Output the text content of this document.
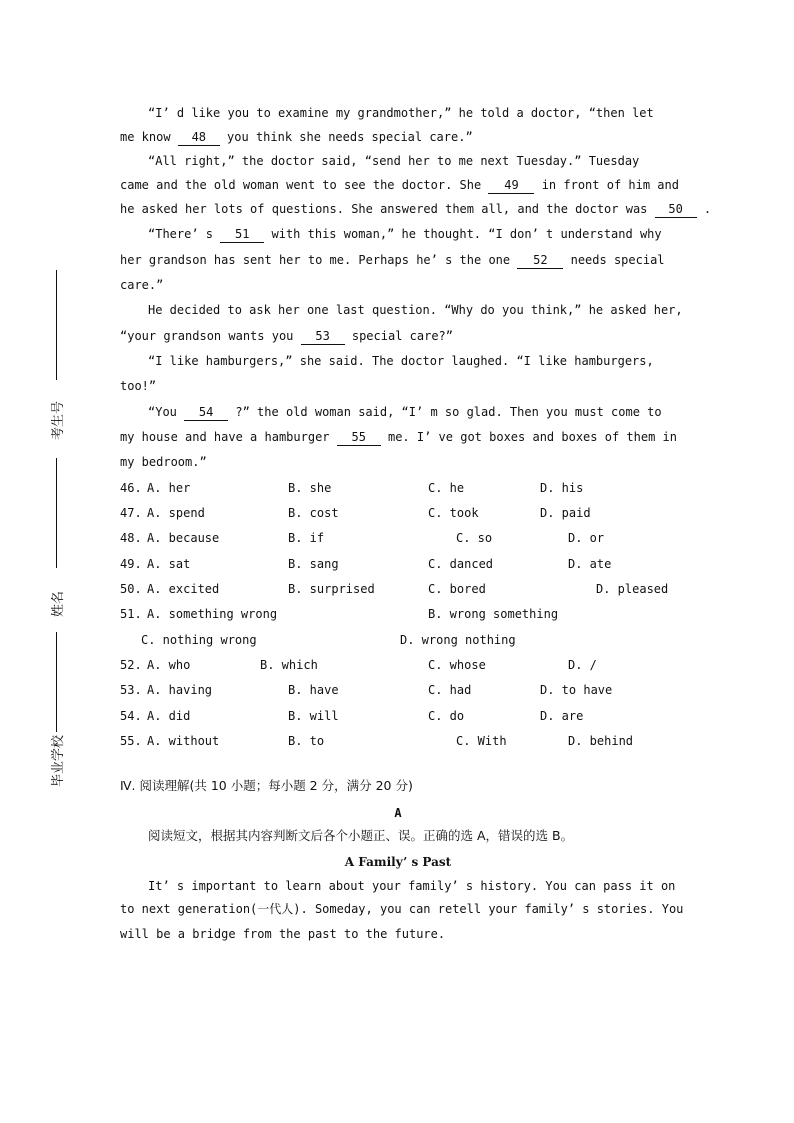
考生号
姓名
毕业学校
“I’ d like you to examine my grandmother,” he told a doctor, “then let
me know 48 you think she needs special care.”
“All right,” the doctor said, “send her to me next Tuesday.” Tuesday
came and the old woman went to see the doctor. She 49 in front of him and
he asked her lots of questions. She answered them all, and the doctor was 50 .
“There’ s 51 with this woman,” he thought. “I don’ t understand why
her grandson has sent her to me. Perhaps he’ s the one 52 needs special
care.”
He decided to ask her one last question. “Why do you think,” he asked her,
“your grandson wants you 53 special care?”
“I like hamburgers,” she said. The doctor laughed. “I like hamburgers,
too!”
“You 54 ?” the old woman said, “I’ m so glad. Then you must come to
my house and have a hamburger 55 me. I’ ve got boxes and boxes of them in
my bedroom.”
46. A. her	B. she	C. he	D. his
47. A. spend	B. cost	C. took	D. paid
48. A. because	B. if	C. so	D. or
49. A. sat	B. sang	C. danced	D. ate
50. A. excited	B. surprised	C. bored	D. pleased
51. A. something wrong	B. wrong something
C. nothing wrong	D. wrong nothing
52. A. who	B. which	C. whose	D. /
53. A. having	B. have	C. had	D. to have
54. A. did	B. will	C. do	D. are
55. A. without	B. to	C. With	D. behind
Ⅳ. 阅读理解(共 10 小题；每小题 2 分，满分 20 分)
A
阅读短文，根据其内容判断文后各个小题正、误。正确的选 A，错误的选 B。
A Family’ s Past
It’ s important to learn about your family’ s history. You can pass it on
to next generation(一代人). Someday, you can retell your family’ s stories. You
will be a bridge from the past to the future.
